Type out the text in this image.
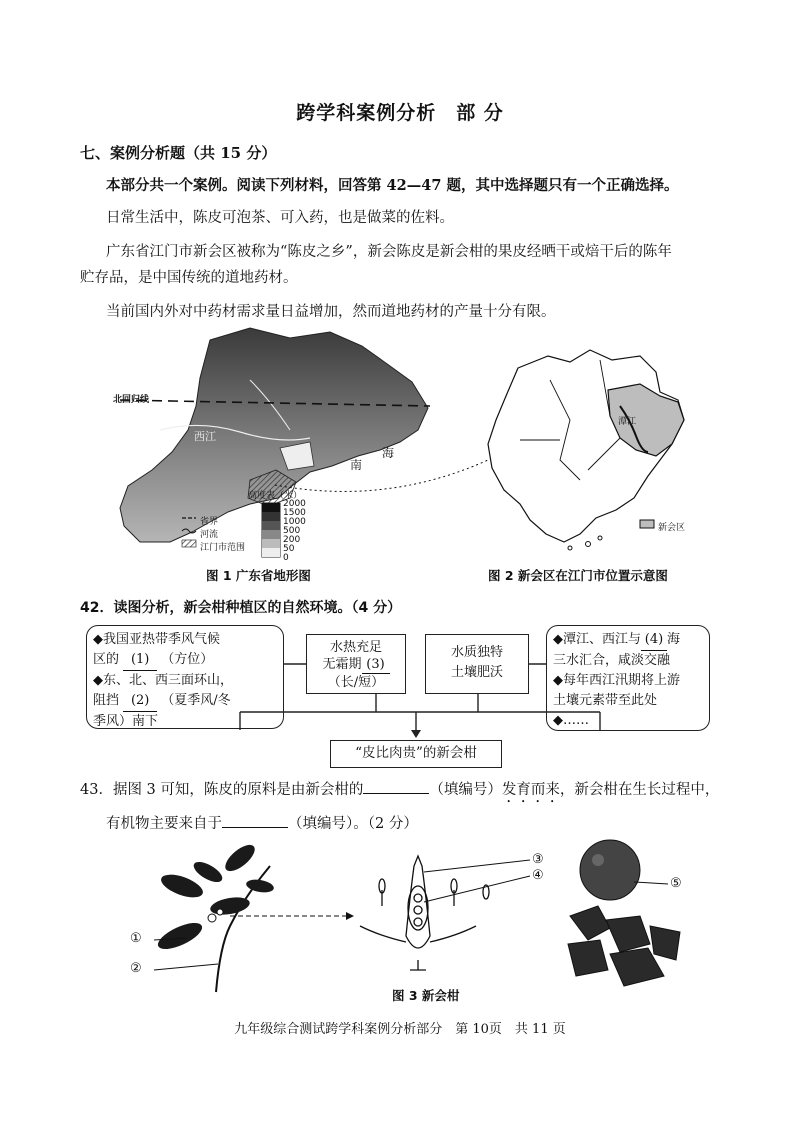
跨学科案例分析　部 分
七、案例分析题（共 15 分）
本部分共一个案例。阅读下列材料，回答第 42—47 题，其中选择题只有一个正确选择。
日常生活中，陈皮可泡茶、可入药，也是做菜的佐料。
广东省江门市新会区被称为“陈皮之乡”，新会陈皮是新会柑的果皮经晒干或焙干后的陈年
贮存品，是中国传统的道地药材。
当前国内外对中药材需求量日益增加，然而道地药材的产量十分有限。
北回归线
西江
南
海
高度表（米）
2000
1500
1000
500
200
50
0
省界
河流
江门市范围
潭江
新会区
图 1 广东省地形图	图 2 新会区在江门市位置示意图
42．读图分析，新会柑种植区的自然环境。（4 分）
◆我国亚热带季风气候
区的 (1) （方位）
◆东、北、西三面环山，
阻挡 (2) （夏季风/冬
季风）南下
水热充足
无霜期 (3)
（长/短）
水质独特
土壤肥沃
◆潭江、西江与 (4) 海
三水汇合，咸淡交融
◆每年西江汛期将上游
土壤元素带至此处
◆……
“皮比肉贵”的新会柑
43．据图 3 可知，陈皮的原料是由新会柑的	（填编号）发育而来，新会柑在生长过程中，
有机物主要来自于	（填编号）。（2 分）
①
②
③
④
⑤
图 3 新会柑
九年级综合测试跨学科案例分析部分　第 10页　共 11 页
